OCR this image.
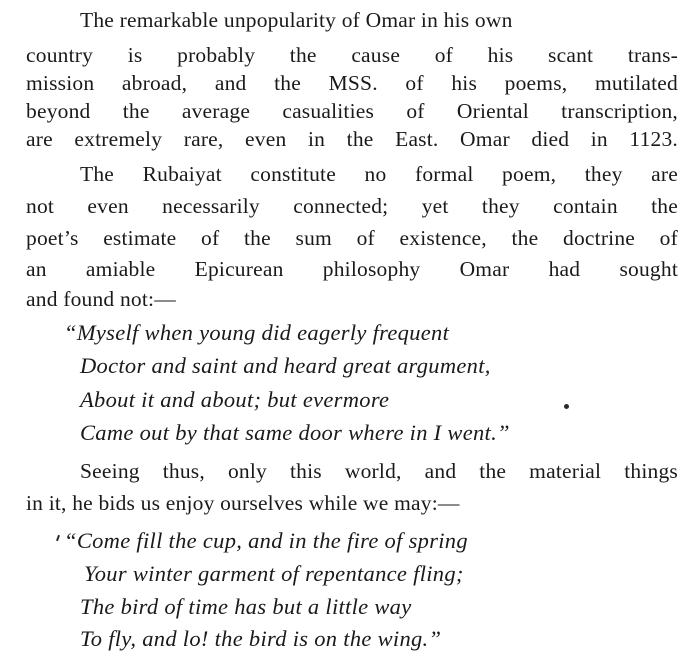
The remarkable unpopularity of Omar in his own
country is probably the cause of his scant trans-
mission abroad, and the MSS. of his poems, mutilated
beyond the average casualities of Oriental transcription,
are extremely rare, even in the East. Omar died in 1123.
The Rubaiyat constitute no formal poem, they are
not even necessarily connected; yet they contain the
poet’s estimate of the sum of existence, the doctrine of
an amiable Epicurean philosophy Omar had sought
and found not:—
“Myself when young did eagerly frequent
Doctor and saint and heard great argument,
About it and about; but evermore
Came out by that same door where in I went.”
Seeing thus, only this world, and the material things
in it, he bids us enjoy ourselves while we may:—
“Come fill the cup, and in the fire of spring
Your winter garment of repentance fling;
The bird of time has but a little way
To fly, and lo! the bird is on the wing.”
